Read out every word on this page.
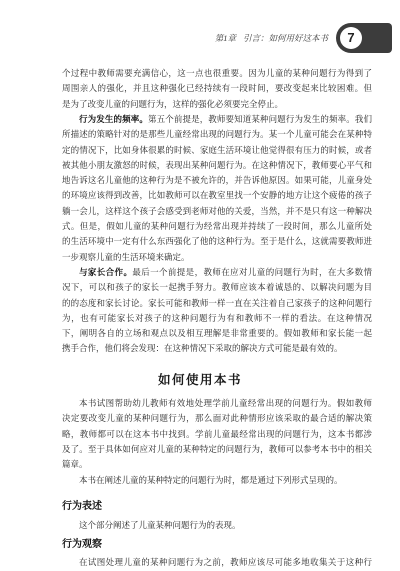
第1章 引言：如何用好这本书	7
个过程中教师需要充满信心，这一点也很重要。因为儿童的某种问题行为得到了
周围亲人的强化，并且这种强化已经持续有一段时间，要改变起来比较困难。但
是为了改变儿童的问题行为，这样的强化必须要完全停止。
行为发生的频率。第五个前提是，教师要知道某种问题行为发生的频率。我们
所描述的策略针对的是那些儿童经常出现的问题行为。某一个儿童可能会在某种特
定的情况下，比如身体很累的时候、家庭生活环境让他觉得很有压力的时候，或者
被其他小朋友激怒的时候，表现出某种问题行为。在这种情况下，教师要心平气和
地告诉这名儿童他的这种行为是不被允许的，并告诉他原因。如果可能，儿童身处
的环境应该得到改善，比如教师可以在教室里找一个安静的地方让这个疲倦的孩子
躺一会儿，这样这个孩子会感受到老师对他的关爱，当然，并不是只有这一种解决
式。但是，假如儿童的某种问题行为经常出现并持续了一段时间，那么儿童所处
的生活环境中一定有什么东西强化了他的这种行为。至于是什么，这就需要教师进
一步观察儿童的生活环境来确定。
与家长合作。最后一个前提是，教师在应对儿童的问题行为时，在大多数情
况下，可以和孩子的家长一起携手努力。教师应该本着诚恳的、以解决问题为目
的的态度和家长讨论。家长可能和教师一样一直在关注着自己家孩子的这种问题行
为，也有可能家长对孩子的这种问题行为有和教师不一样的看法。在这种情况
下，阐明各自的立场和观点以及相互理解是非常重要的。假如教师和家长能一起
携手合作，他们将会发现：在这种情况下采取的解决方式可能是最有效的。
如何使用本书
本书试图帮助幼儿教师有效地处理学前儿童经常出现的问题行为。假如教师
决定要改变儿童的某种问题行为，那么面对此种情形应该采取的最合适的解决策
略，教师都可以在这本书中找到。学前儿童最经常出现的问题行为，这本书都涉
及了。至于具体如何应对儿童的某种特定的问题行为，教师可以参考本书中的相关
篇章。
本书在阐述儿童的某种特定的问题行为时，都是通过下列形式呈现的。
行为表述
这个部分阐述了儿童某种问题行为的表现。
行为观察
在试图处理儿童的某种问题行为之前，教师应该尽可能多地收集关于这种行
